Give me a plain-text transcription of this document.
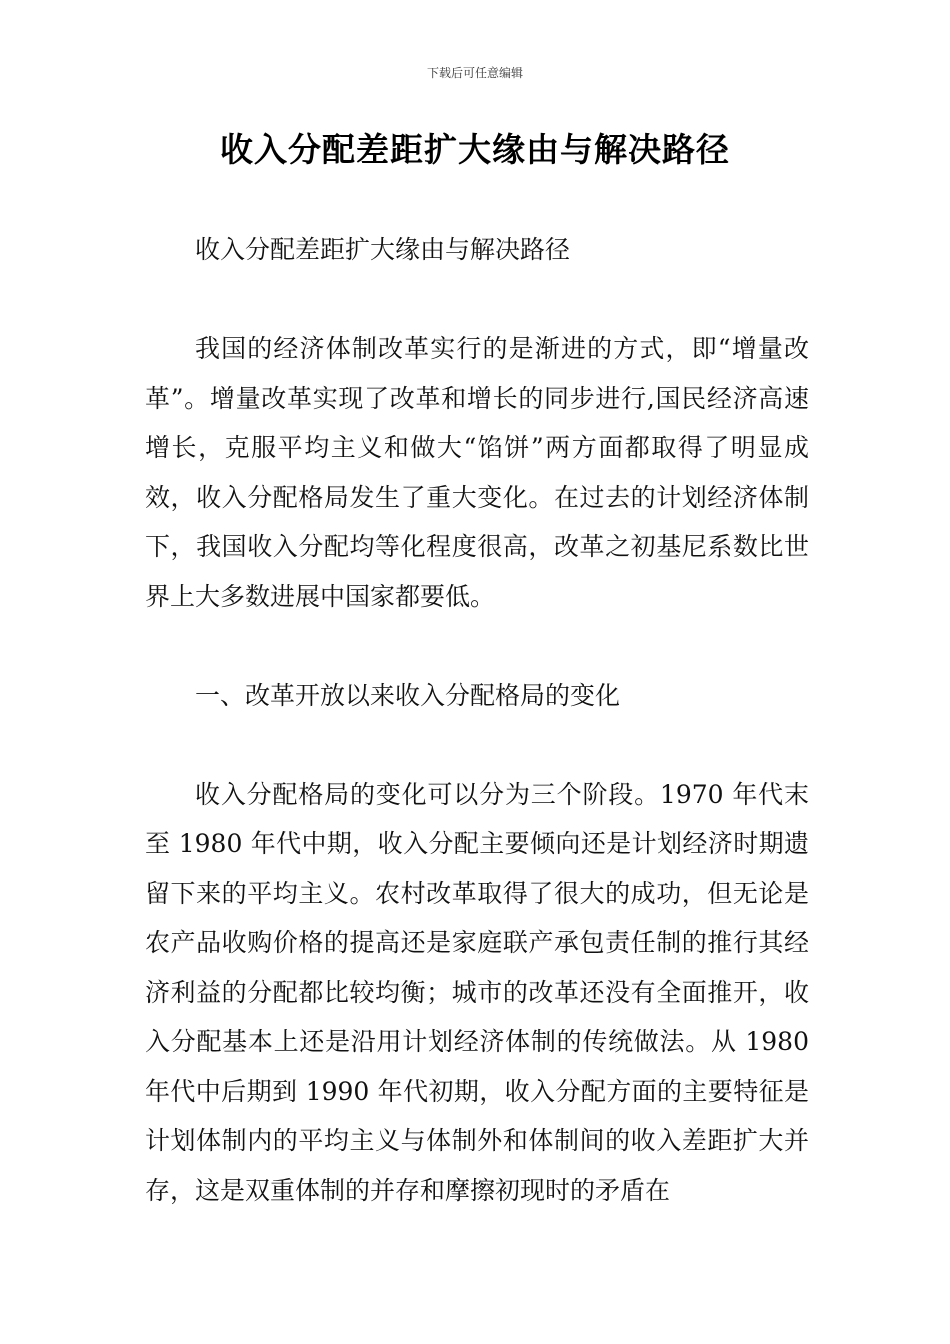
下载后可任意编辑
收入分配差距扩大缘由与解决路径

收入分配差距扩大缘由与解决路径

我国的经济体制改革实行的是渐进的方式，即“增量改革”。增量改革实现了改革和增长的同步进行,国民经济高速增长，克服平均主义和做大“馅饼”两方面都取得了明显成效，收入分配格局发生了重大变化。在过去的计划经济体制下，我国收入分配均等化程度很高，改革之初基尼系数比世界上大多数进展中国家都要低。

一、改革开放以来收入分配格局的变化

收入分配格局的变化可以分为三个阶段。1970 年代末至 1980 年代中期，收入分配主要倾向还是计划经济时期遗留下来的平均主义。农村改革取得了很大的成功，但无论是农产品收购价格的提高还是家庭联产承包责任制的推行其经济利益的分配都比较均衡；城市的改革还没有全面推开，收入分配基本上还是沿用计划经济体制的传统做法。从 1980 年代中后期到 1990 年代初期，收入分配方面的主要特征是计划体制内的平均主义与体制外和体制间的收入差距扩大并存，这是双重体制的并存和摩擦初现时的矛盾在
